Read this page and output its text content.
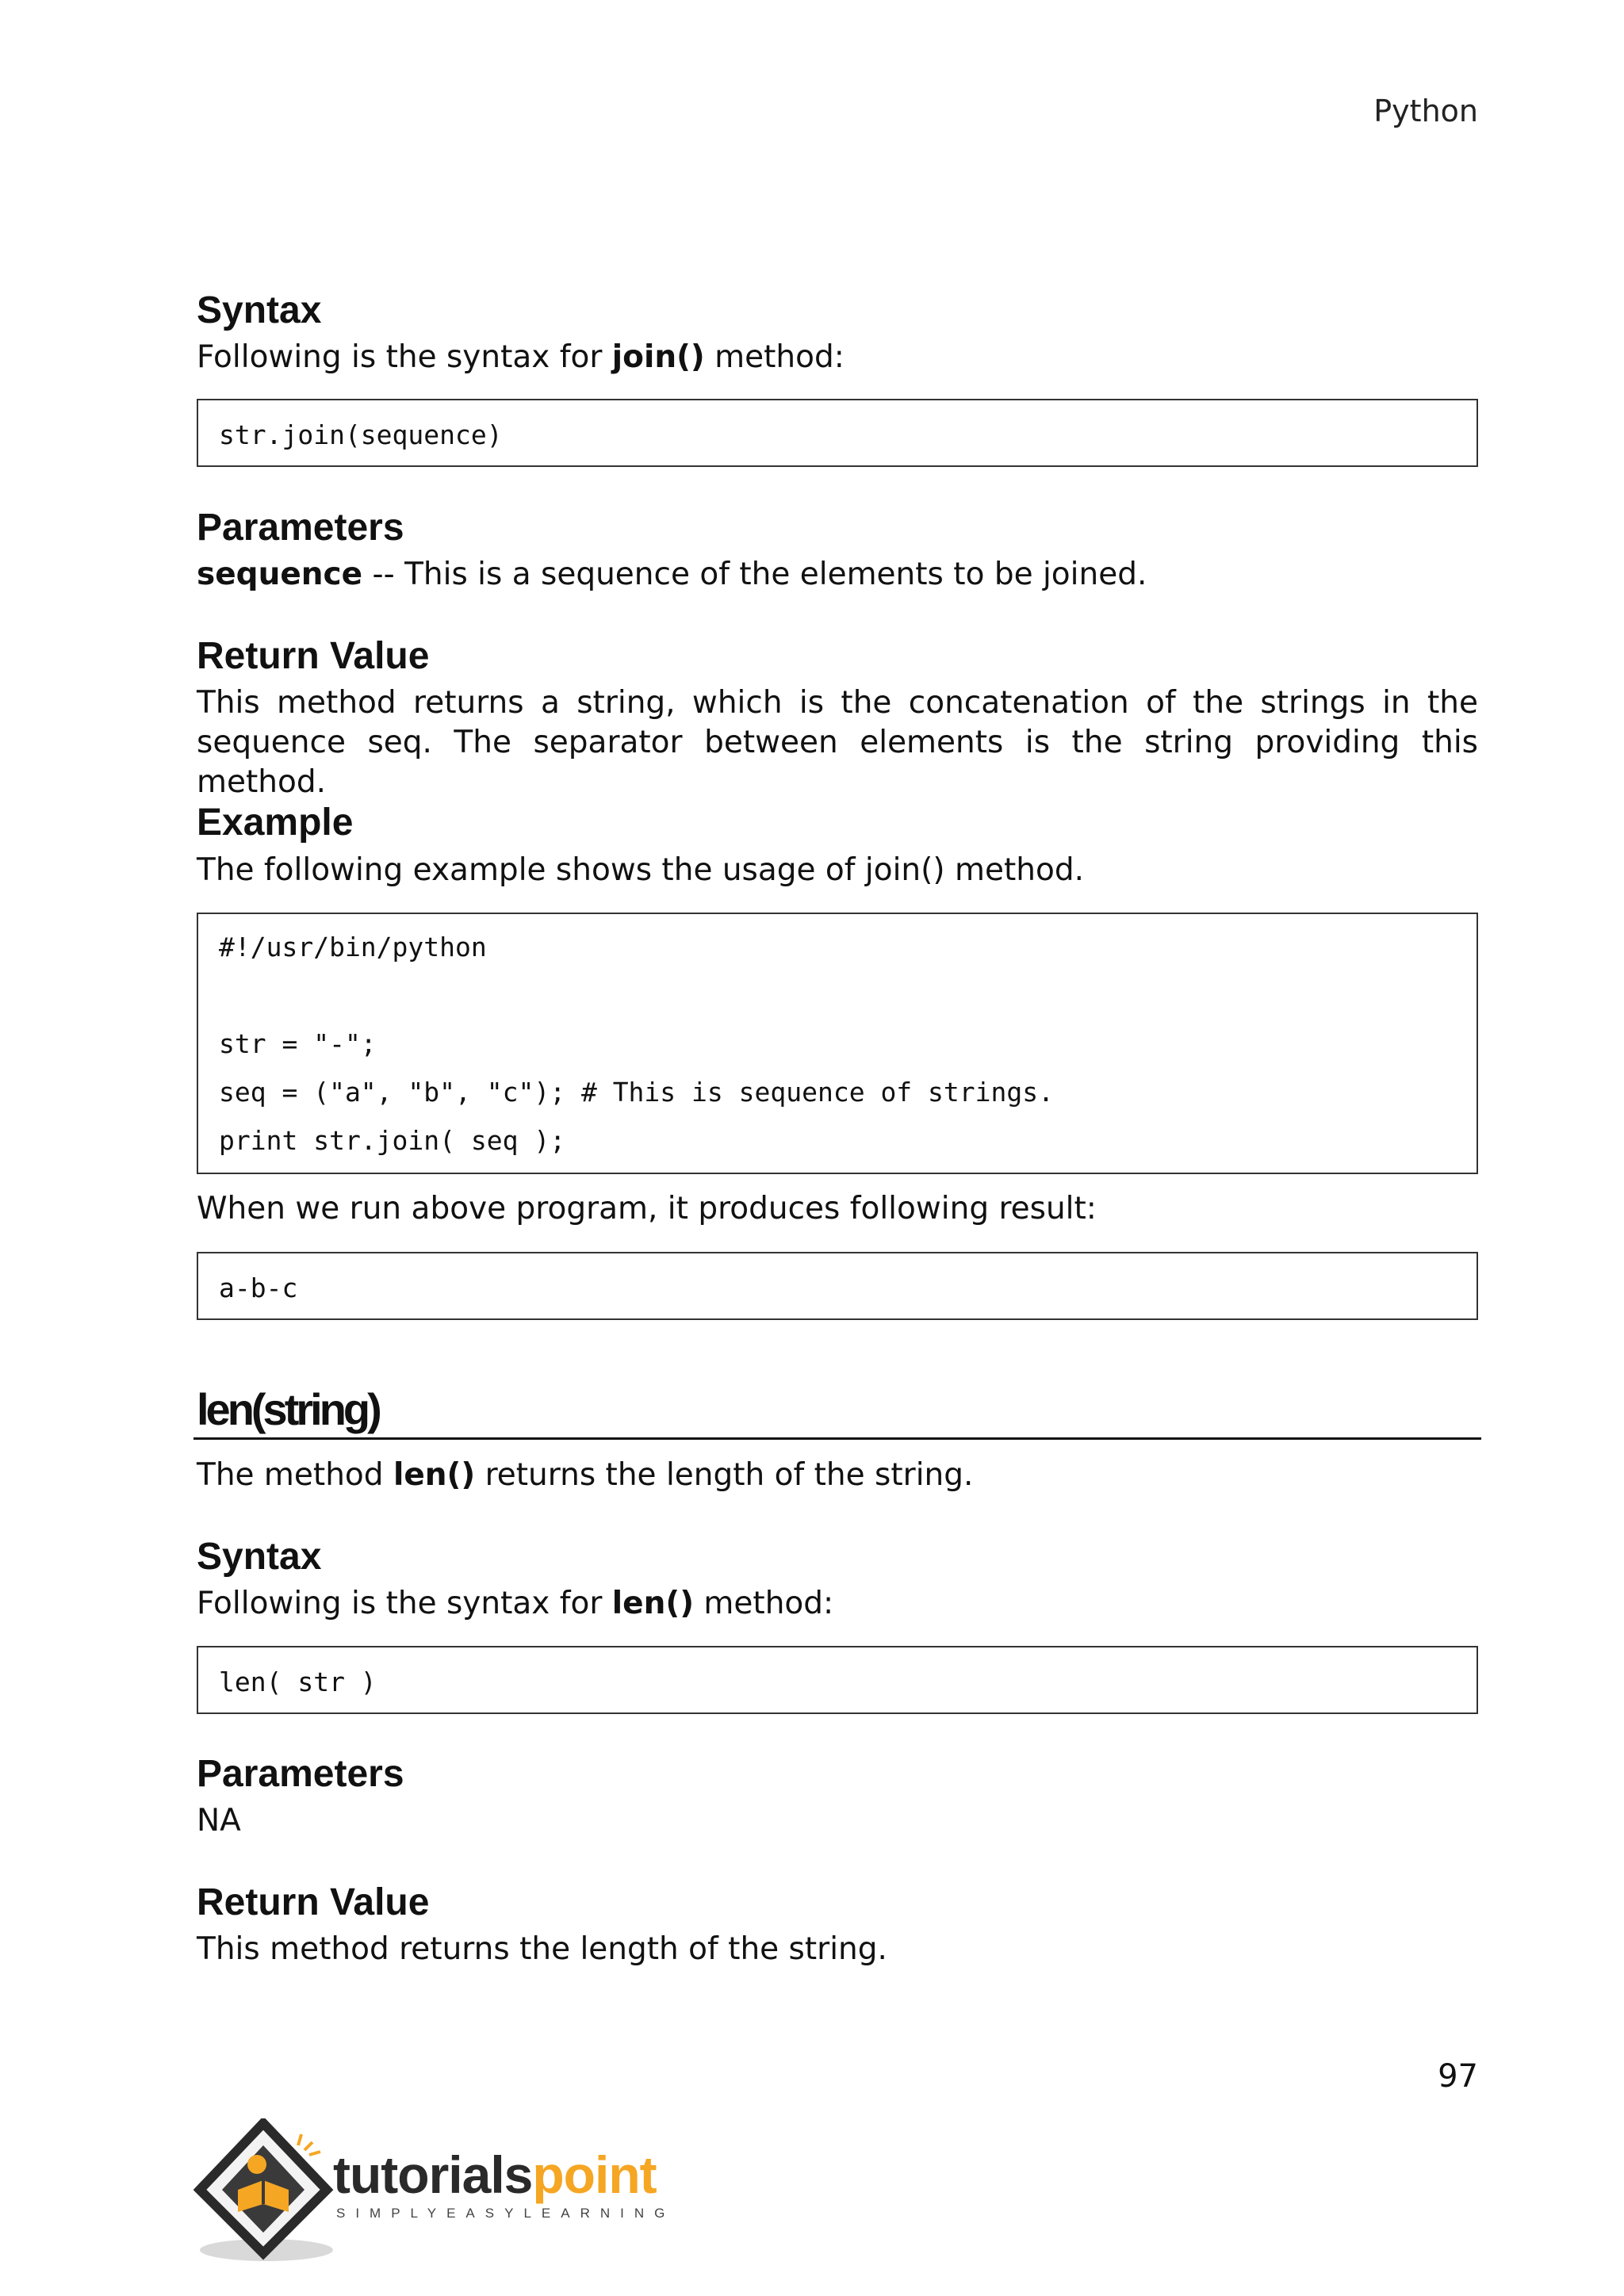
Python
Syntax
Following is the syntax for join() method:
str.join(sequence)
Parameters
sequence -- This is a sequence of the elements to be joined.
Return Value
This method returns a string, which is the concatenation of the strings in the sequence seq. The separator between elements is the string providing this method.
Example
The following example shows the usage of join() method.
#!/usr/bin/python
str = "-";
seq = ("a", "b", "c"); # This is sequence of strings.
print str.join( seq );
When we run above program, it produces following result:
a-b-c
len(string)
The method len() returns the length of the string.
Syntax
Following is the syntax for len() method:
len( str )
Parameters
NA
Return Value
This method returns the length of the string.
97
tutorialspoint
SIMPLYEASYLEARNING
